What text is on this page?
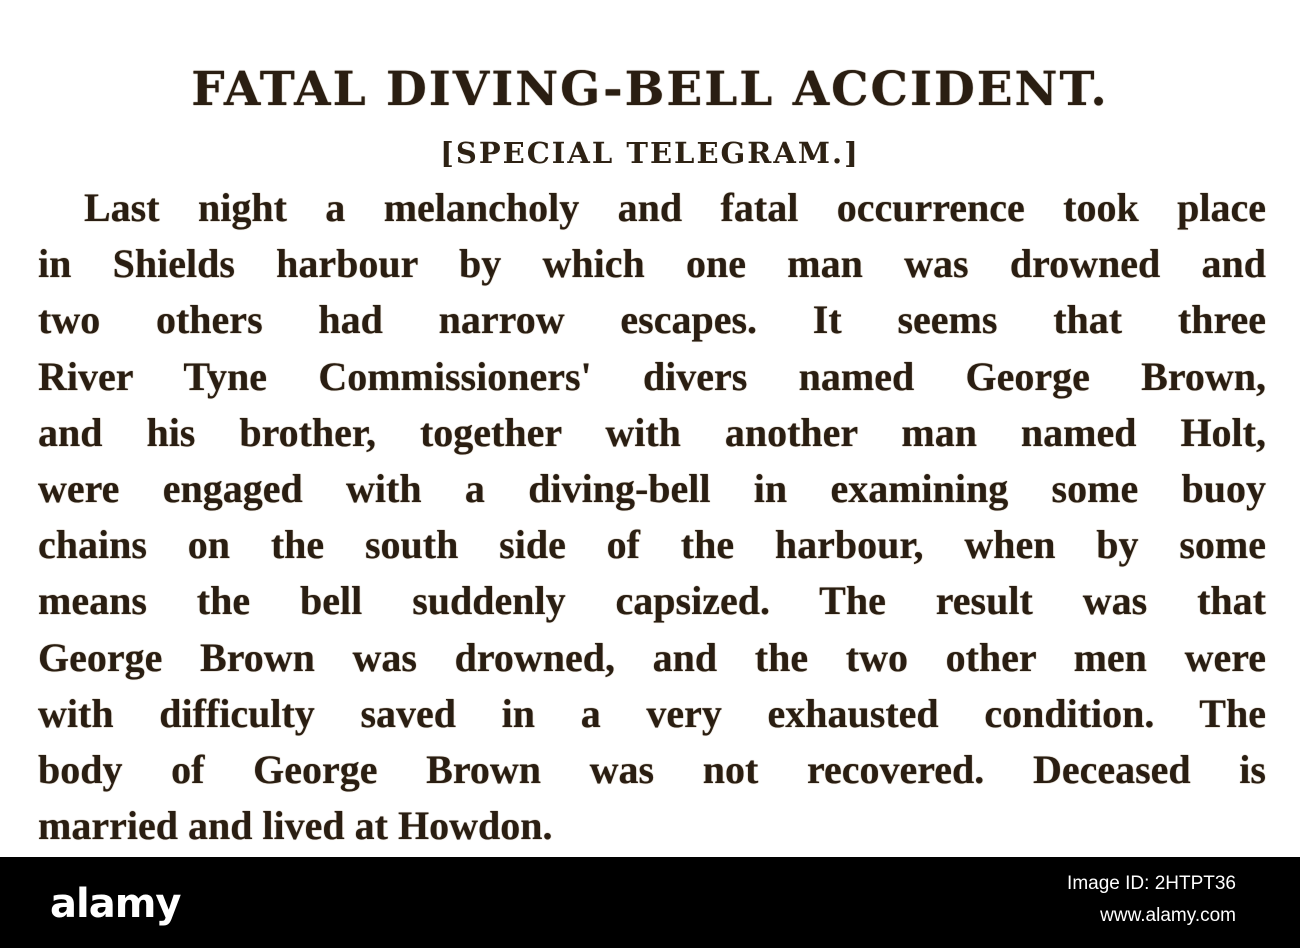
FATAL DIVING-BELL ACCIDENT.
[SPECIAL TELEGRAM.]
Last night a melancholy and fatal occurrence took place
in Shields harbour by which one man was drowned and
two others had narrow escapes. It seems that three
River Tyne Commissioners' divers named George Brown,
and his brother, together with another man named Holt,
were engaged with a diving-bell in examining some buoy
chains on the south side of the harbour, when by some
means the bell suddenly capsized. The result was that
George Brown was drowned, and the two other men were
with difficulty saved in a very exhausted condition. The
body of George Brown was not recovered. Deceased is
married and lived at Howdon.
alamy	Image ID: 2HTPT36
www.alamy.com
